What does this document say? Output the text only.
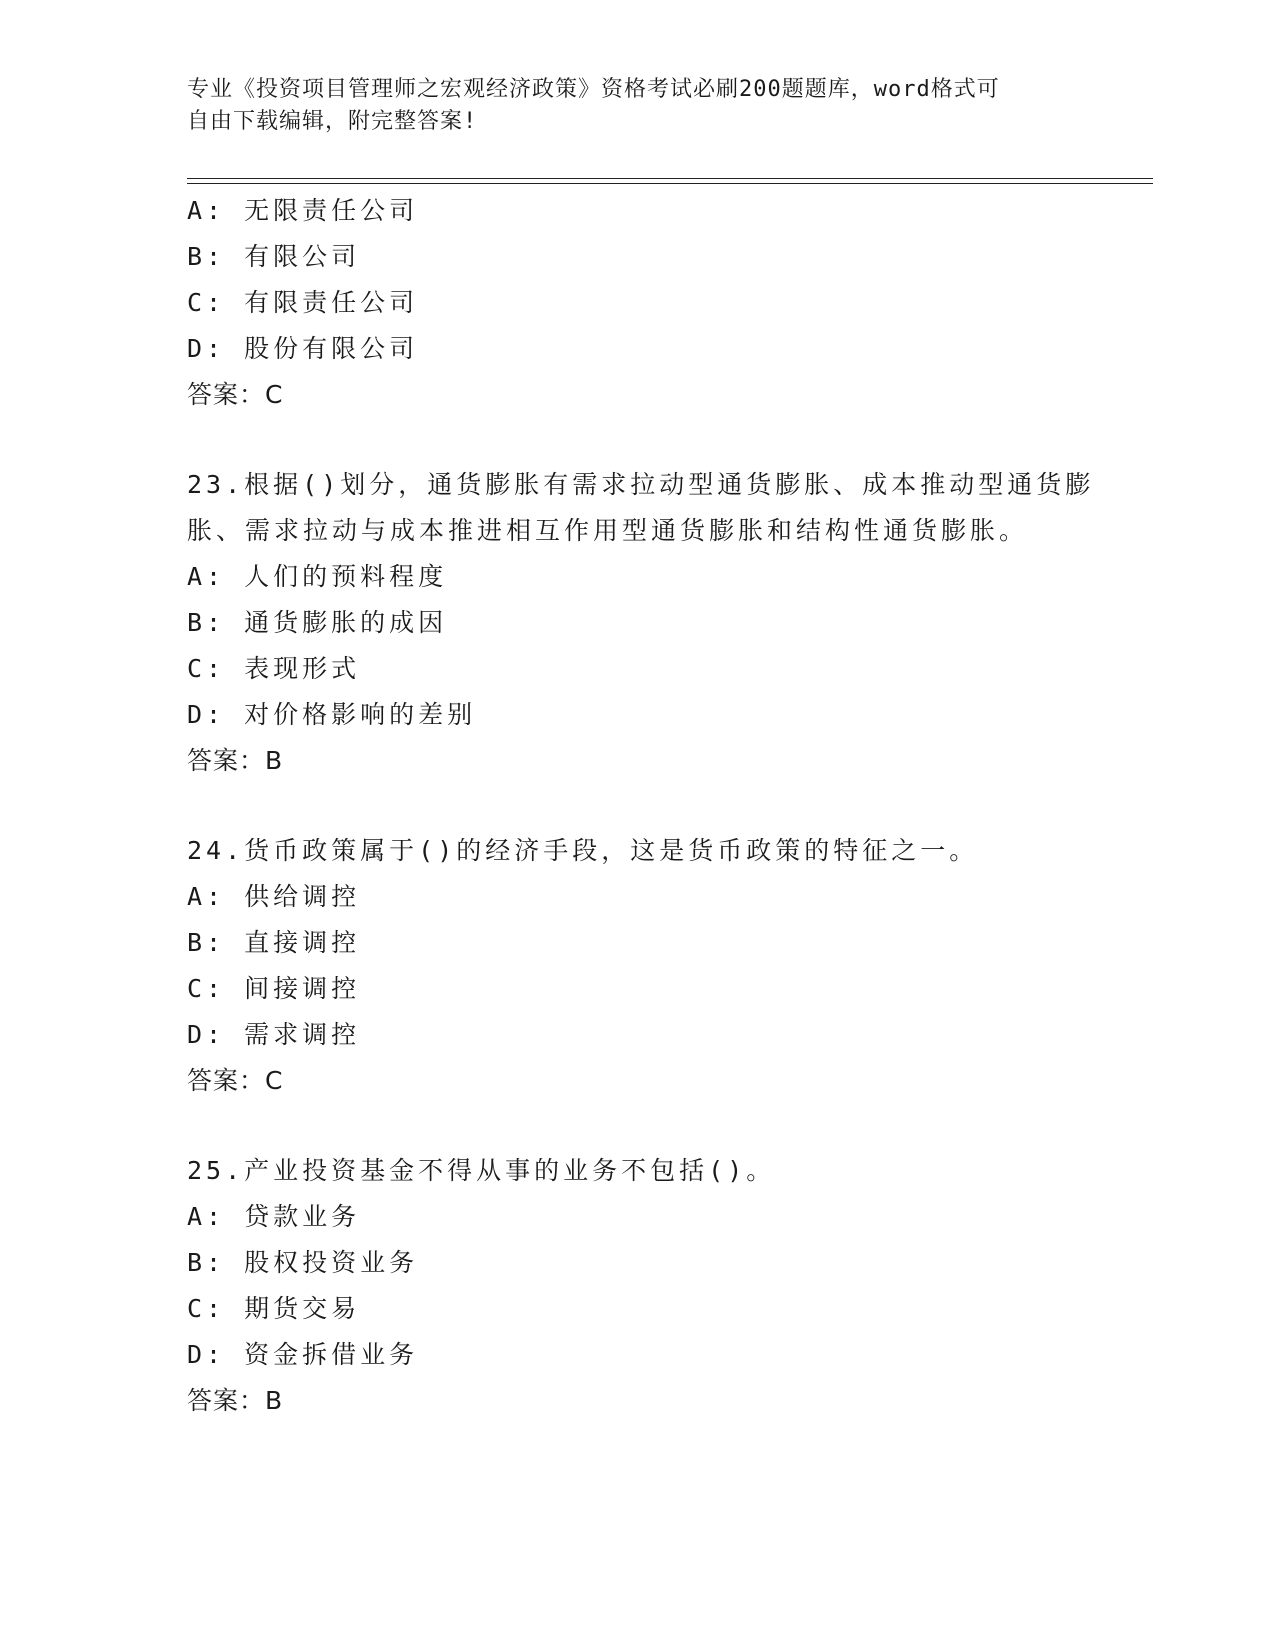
专业《投资项目管理师之宏观经济政策》资格考试必刷200题题库，word格式可
自由下载编辑，附完整答案!
A: 无限责任公司
B: 有限公司
C: 有限责任公司
D: 股份有限公司
答案：C
23.根据()划分，通货膨胀有需求拉动型通货膨胀、成本推动型通货膨
胀、需求拉动与成本推进相互作用型通货膨胀和结构性通货膨胀。
A: 人们的预料程度
B: 通货膨胀的成因
C: 表现形式
D: 对价格影响的差别
答案：B
24.货币政策属于()的经济手段，这是货币政策的特征之一。
A: 供给调控
B: 直接调控
C: 间接调控
D: 需求调控
答案：C
25.产业投资基金不得从事的业务不包括()。
A: 贷款业务
B: 股权投资业务
C: 期货交易
D: 资金拆借业务
答案：B
